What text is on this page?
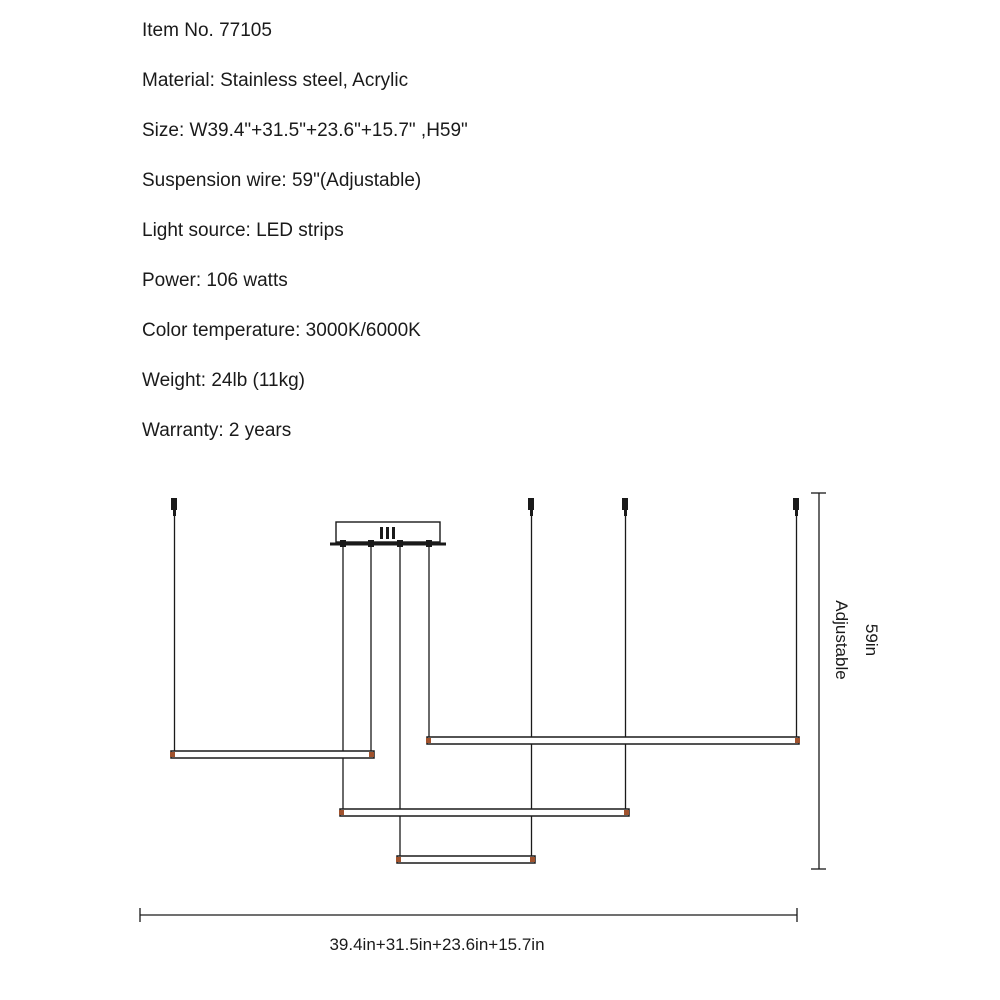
Item No. 77105
Material: Stainless steel, Acrylic
Size: W39.4"+31.5"+23.6"+15.7" ,H59"
Suspension wire: 59"(Adjustable)
Light source: LED strips
Power: 106 watts
Color temperature: 3000K/6000K
Weight: 24lb (11kg)
Warranty: 2 years
59in
Adjustable
39.4in+31.5in+23.6in+15.7in
